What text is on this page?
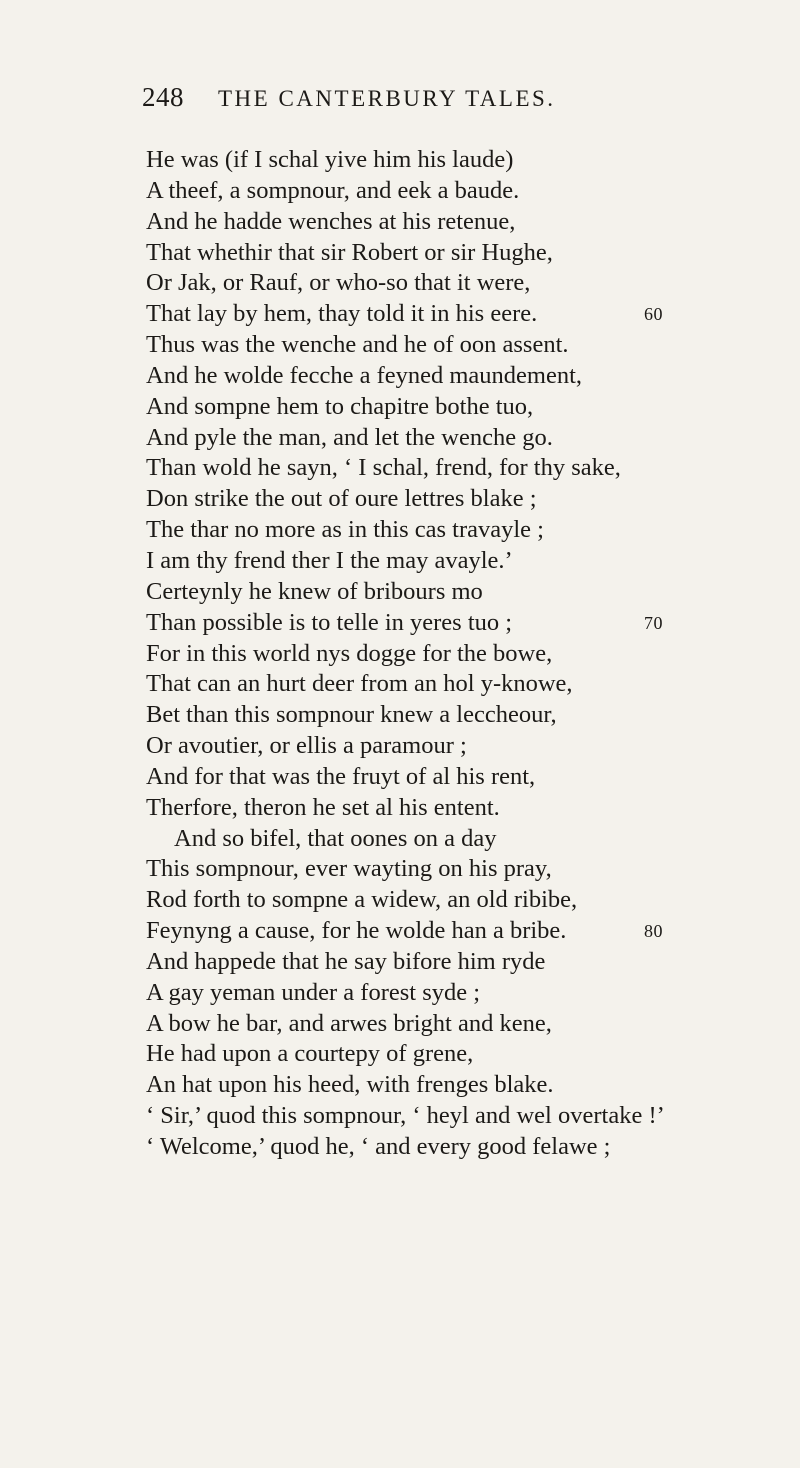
248 THE CANTERBURY TALES.
He was (if I schal yive him his laude)
A theef, a sompnour, and eek a baude.
And he hadde wenches at his retenue,
That whethir that sir Robert or sir Hughe,
Or Jak, or Rauf, or who-so that it were,
That lay by hem, thay told it in his eere.	60
Thus was the wenche and he of oon assent.
And he wolde fecche a feyned maundement,
And sompne hem to chapitre bothe tuo,
And pyle the man, and let the wenche go.
Than wold he sayn, ‘ I schal, frend, for thy sake,
Don strike the out of oure lettres blake ;
The thar no more as in this cas travayle ;
I am thy frend ther I the may avayle.’
Certeynly he knew of bribours mo
Than possible is to telle in yeres tuo ;	70
For in this world nys dogge for the bowe,
That can an hurt deer from an hol y-knowe,
Bet than this sompnour knew a leccheour,
Or avoutier, or ellis a paramour ;
And for that was the fruyt of al his rent,
Therfore, theron he set al his entent.
And so bifel, that oones on a day
This sompnour, ever wayting on his pray,
Rod forth to sompne a widew, an old ribibe,
Feynyng a cause, for he wolde han a bribe.	80
And happede that he say bifore him ryde
A gay yeman under a forest syde ;
A bow he bar, and arwes bright and kene,
He had upon a courtepy of grene,
An hat upon his heed, with frenges blake.
‘ Sir,’ quod this sompnour, ‘ heyl and wel overtake !’
‘ Welcome,’ quod he, ‘ and every good felawe ;
